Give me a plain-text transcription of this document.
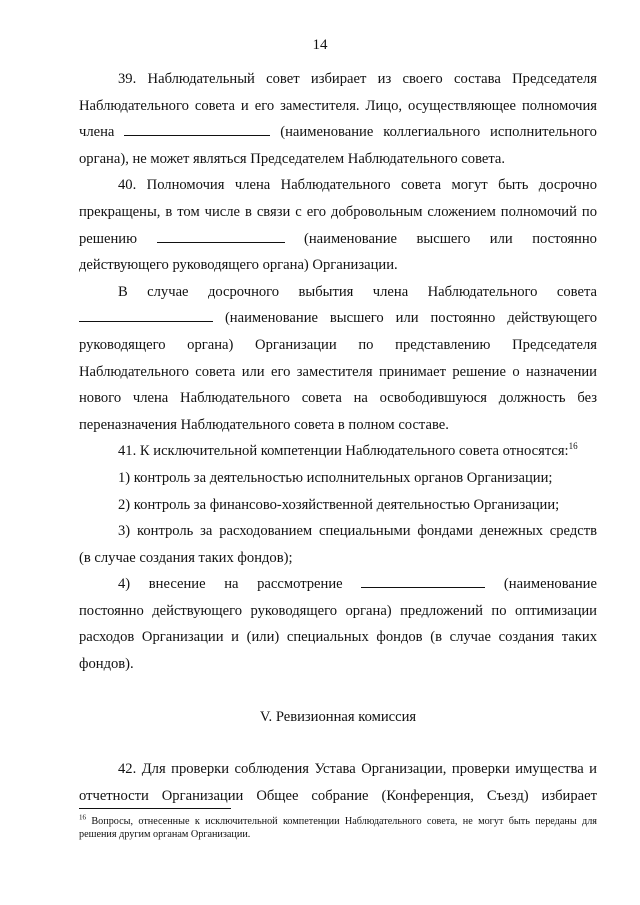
14

39. Наблюдательный совет избирает из своего состава Председателя

Наблюдательного совета и его заместителя. Лицо, осуществляющее полномочия

члена	(наименование коллегиального исполнительного

органа), не может являться Председателем Наблюдательного совета.

40. Полномочия члена Наблюдательного совета могут быть досрочно

прекращены, в том числе в связи с его добровольным сложением полномочий по

решению	(наименование высшего или постоянно

действующего руководящего органа) Организации.

В случае досрочного выбытия члена Наблюдательного совета

(наименование высшего или постоянно действующего

руководящего органа) Организации по представлению Председателя

Наблюдательного совета или его заместителя принимает решение о назначении

нового члена Наблюдательного совета на освободившуюся должность без

переназначения Наблюдательного совета в полном составе.

41. К исключительной компетенции Наблюдательного совета относятся:$^{16}$

1) контроль за деятельностью исполнительных органов Организации;

2) контроль за финансово-хозяйственной деятельностью Организации;

3) контроль за расходованием специальными фондами денежных средств

(в случае создания таких фондов);

4) внесение на рассмотрение	(наименование

постоянно действующего руководящего органа) предложений по оптимизации

расходов Организации и (или) специальных фондов (в случае создания таких

фондов).

V. Ревизионная комиссия

42. Для проверки соблюдения Устава Организации, проверки имущества и

отчетности Организации Общее собрание (Конференция, Съезд) избирает

$^{16}$ Вопросы, отнесенные к исключительной компетенции Наблюдательного совета, не могут быть переданы для решения другим органам Организации.
